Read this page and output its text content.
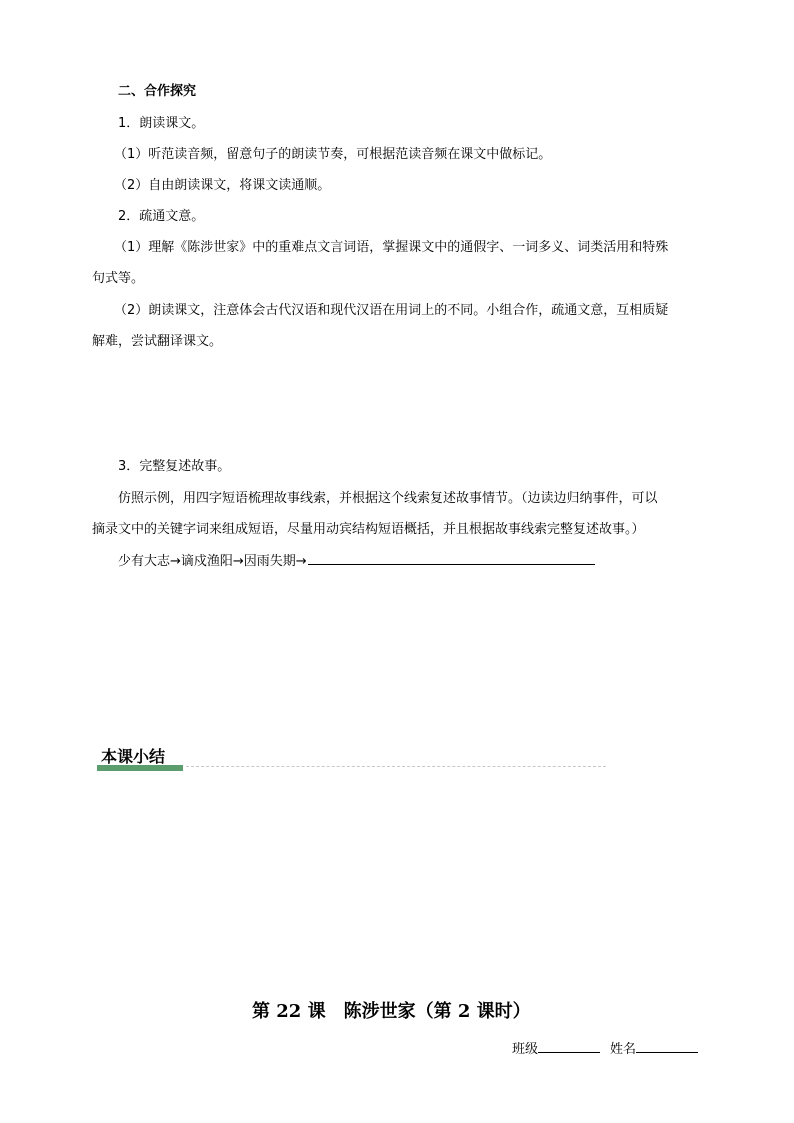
二、合作探究
1．朗读课文。
（1）听范读音频，留意句子的朗读节奏，可根据范读音频在课文中做标记。
（2）自由朗读课文，将课文读通顺。
2．疏通文意。
（1）理解《陈涉世家》中的重难点文言词语，掌握课文中的通假字、一词多义、词类活用和特殊
句式等。
（2）朗读课文，注意体会古代汉语和现代汉语在用词上的不同。小组合作，疏通文意，互相质疑
解难，尝试翻译课文。
3．完整复述故事。
仿照示例，用四字短语梳理故事线索，并根据这个线索复述故事情节。（边读边归纳事件，可以
摘录文中的关键字词来组成短语，尽量用动宾结构短语概括，并且根据故事线索完整复述故事。）
少有大志→谪戍渔阳→因雨失期→
本课小结
第 22 课　陈涉世家（第 2 课时）
班级	姓名
